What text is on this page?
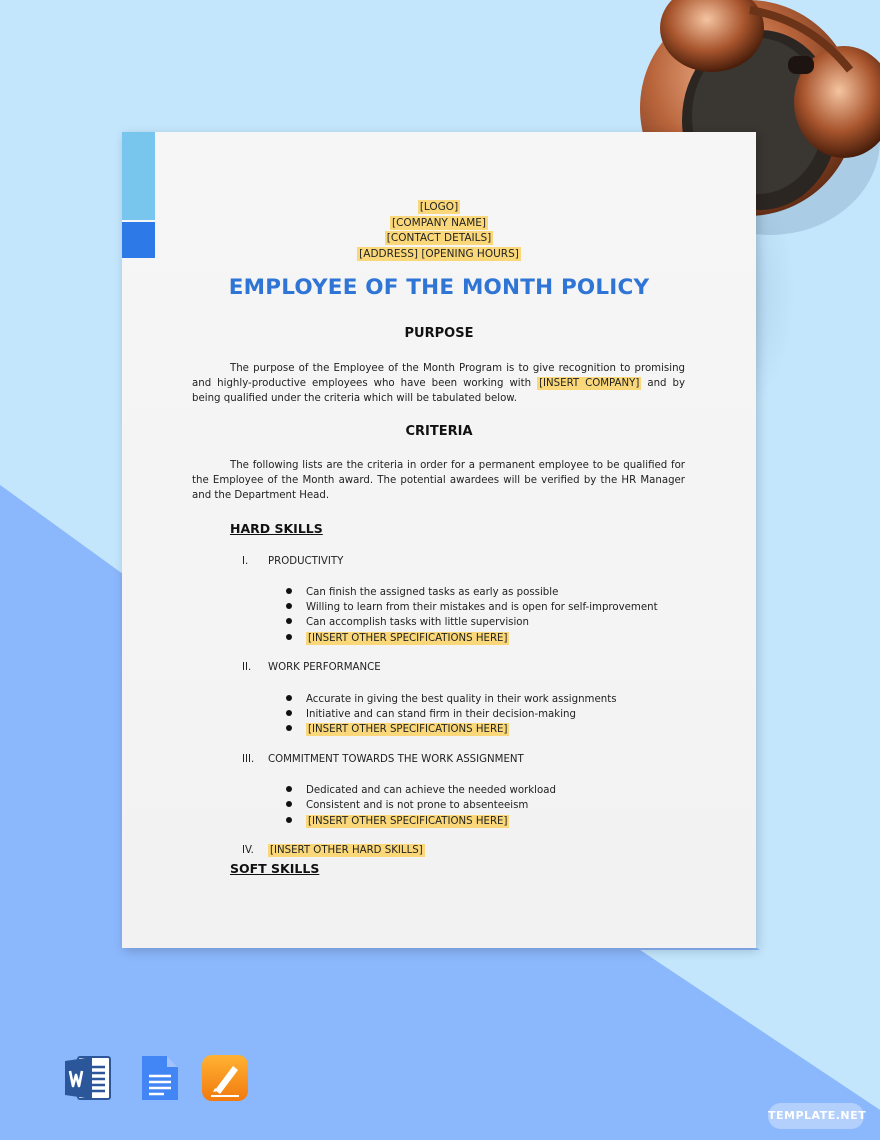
[LOGO]
[COMPANY NAME]
[CONTACT DETAILS]
[ADDRESS] [OPENING HOURS]
EMPLOYEE OF THE MONTH POLICY
PURPOSE
The purpose of the Employee of the Month Program is to give recognition to promising and highly-productive employees who have been working with [INSERT COMPANY] and by being qualified under the criteria which will be tabulated below.
CRITERIA
The following lists are the criteria in order for a permanent employee to be qualified for the Employee of the Month award. The potential awardees will be verified by the HR Manager and the Department Head.
HARD SKILLS
I. PRODUCTIVITY
Can finish the assigned tasks as early as possible
Willing to learn from their mistakes and is open for self-improvement
Can accomplish tasks with little supervision
[INSERT OTHER SPECIFICATIONS HERE]
II. WORK PERFORMANCE
Accurate in giving the best quality in their work assignments
Initiative and can stand firm in their decision-making
[INSERT OTHER SPECIFICATIONS HERE]
III. COMMITMENT TOWARDS THE WORK ASSIGNMENT
Dedicated and can achieve the needed workload
Consistent and is not prone to absenteeism
[INSERT OTHER SPECIFICATIONS HERE]
IV. [INSERT OTHER HARD SKILLS]
SOFT SKILLS
TEMPLATE.NET
